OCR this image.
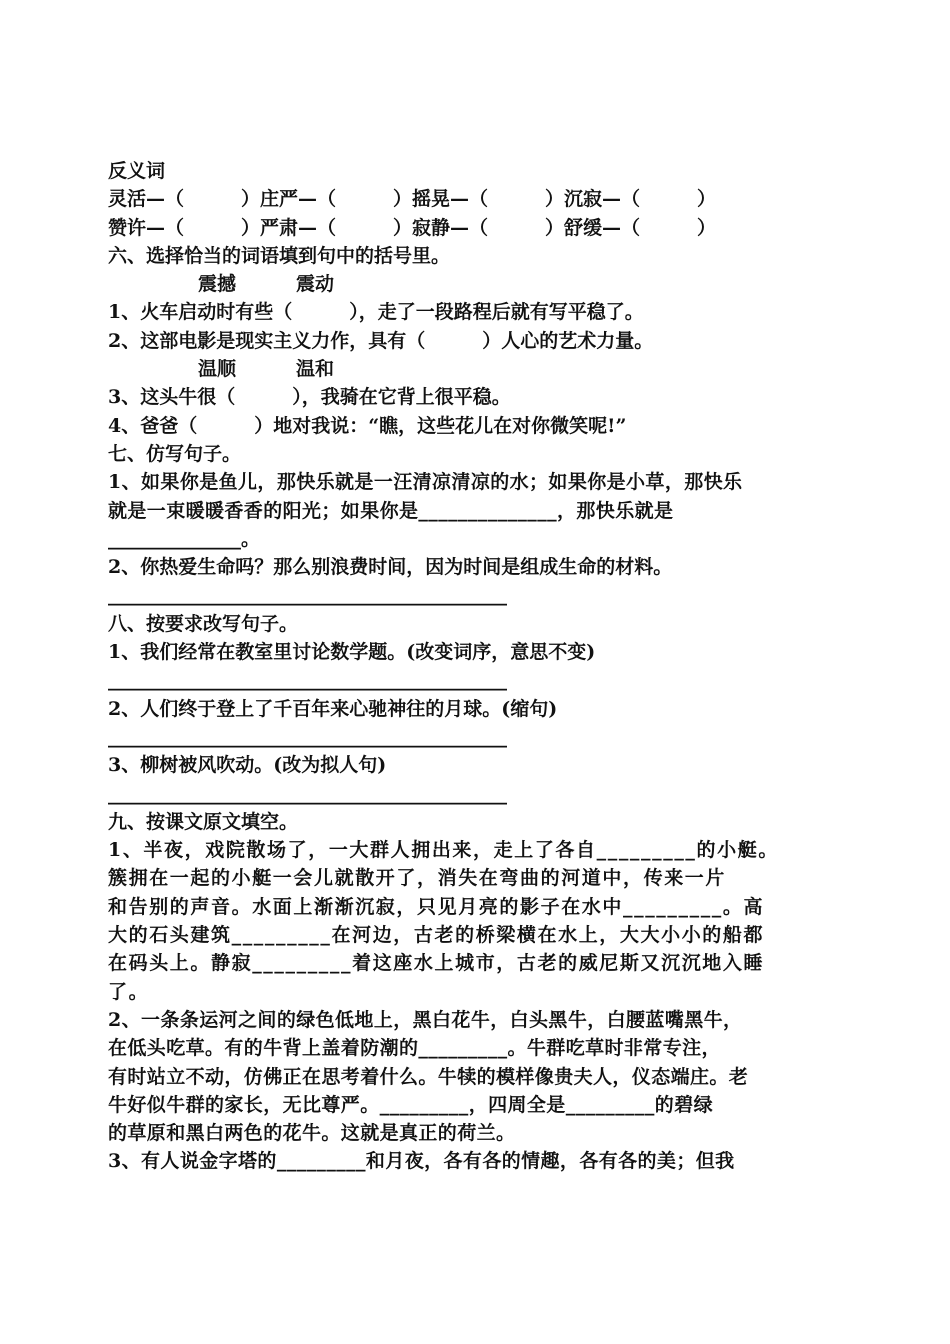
反义词
灵活—（　　　）庄严—（　　　）摇晃—（　　　）沉寂—（　　　）
赞许—（　　　）严肃—（　　　）寂静—（　　　）舒缓—（　　　）
六、选择恰当的词语填到句中的括号里。
震撼	震动
1、火车启动时有些（　　　），走了一段路程后就有写平稳了。
2、这部电影是现实主义力作，具有（　　　）人心的艺术力量。
温顺	温和
3、这头牛很（　　　），我骑在它背上很平稳。
4、爸爸（　　　）地对我说：“瞧，这些花儿在对你微笑呢!”
七、仿写句子。
1、如果你是鱼儿，那快乐就是一汪清凉清凉的水；如果你是小草，那快乐
就是一束暖暖香香的阳光；如果你是______________，那快乐就是
______________。
2、你热爱生命吗？那么别浪费时间，因为时间是组成生命的材料。
__________________________________________
八、按要求改写句子。
1、我们经常在教室里讨论数学题。(改变词序，意思不变)
__________________________________________
2、人们终于登上了千百年来心驰神往的月球。(缩句)
__________________________________________
3、柳树被风吹动。(改为拟人句)
__________________________________________
九、按课文原文填空。
1、半夜，戏院散场了，一大群人拥出来，走上了各自_________的小艇。
簇拥在一起的小艇一会儿就散开了，消失在弯曲的河道中，传来一片
和告别的声音。水面上渐渐沉寂，只见月亮的影子在水中_________。高
大的石头建筑_________在河边，古老的桥梁横在水上，大大小小的船都
在码头上。静寂_________着这座水上城市，古老的威尼斯又沉沉地入睡
了。
2、一条条运河之间的绿色低地上，黑白花牛，白头黑牛，白腰蓝嘴黑牛，
在低头吃草。有的牛背上盖着防潮的_________。牛群吃草时非常专注，
有时站立不动，仿佛正在思考着什么。牛犊的模样像贵夫人，仪态端庄。老
牛好似牛群的家长，无比尊严。_________，四周全是_________的碧绿
的草原和黑白两色的花牛。这就是真正的荷兰。
3、有人说金字塔的_________和月夜，各有各的情趣，各有各的美；但我
